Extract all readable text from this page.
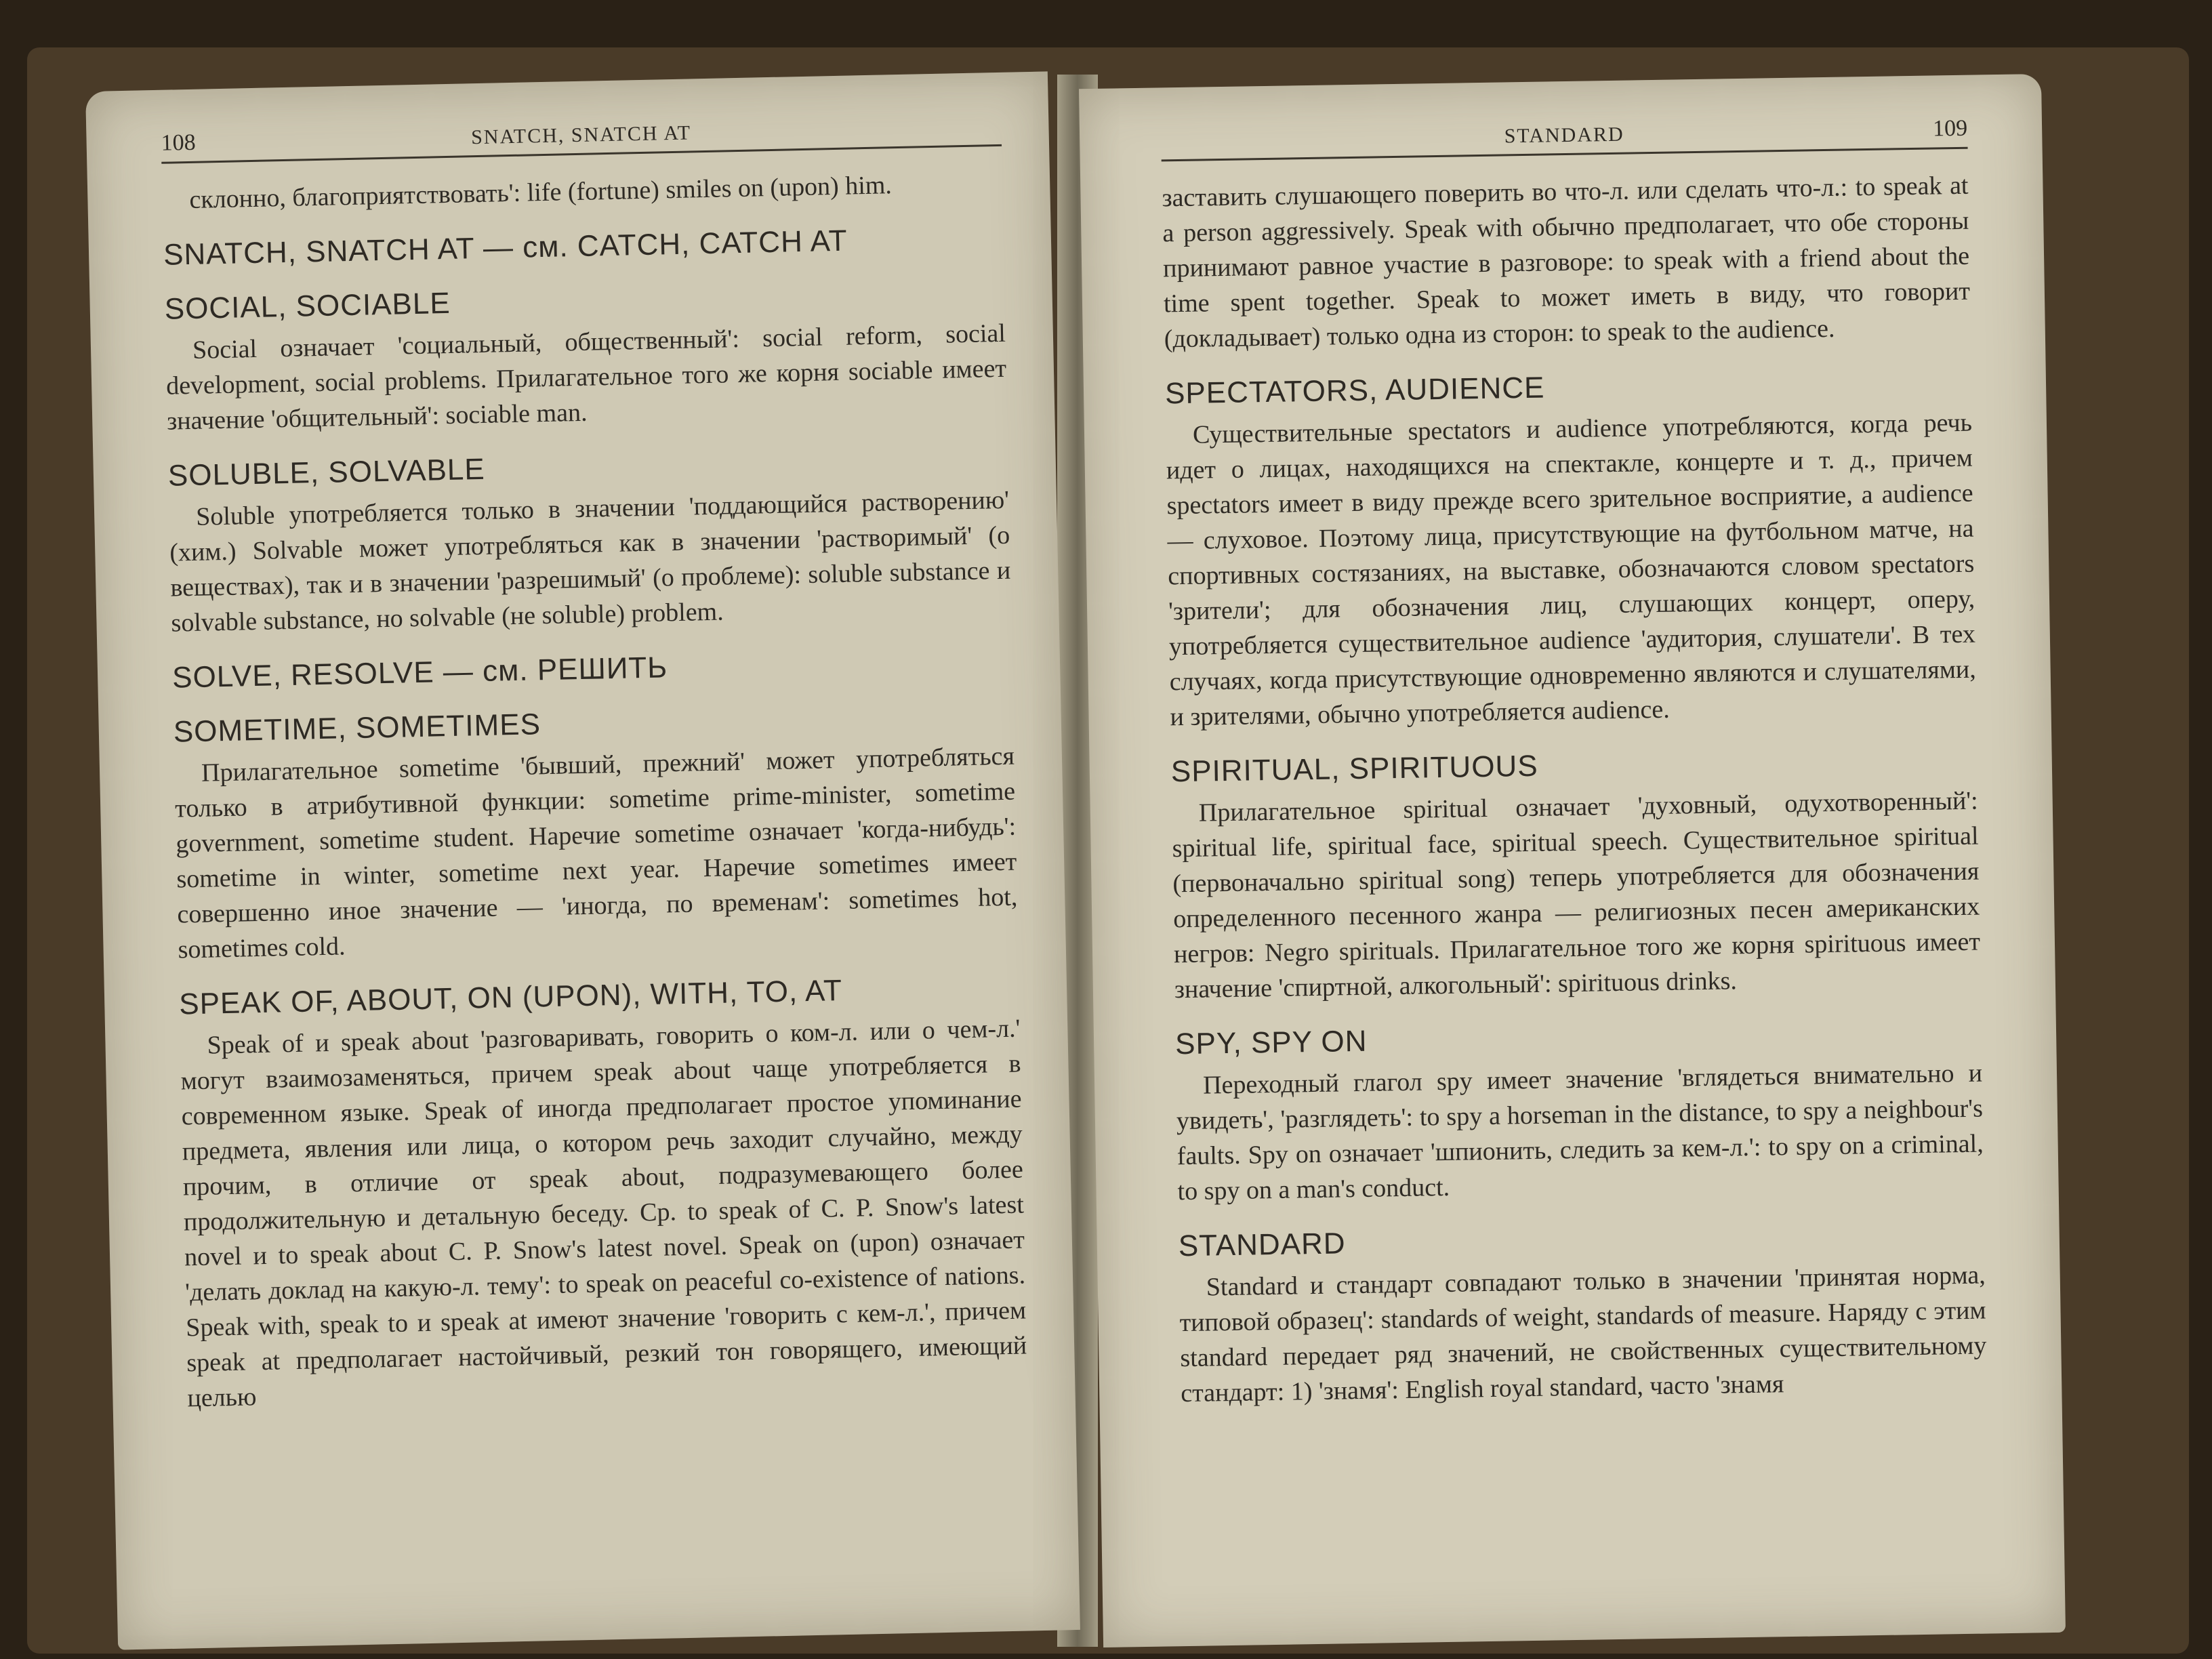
108	SNATCH, SNATCH AT

склонно, благоприятствовать': life (fortune) smiles on (upon) him.

SNATCH, SNATCH AT — см. CATCH, CATCH AT

SOCIAL, SOCIABLE

Social означает 'социальный, общественный': social reform, social development, social problems. Прилагательное того же корня sociable имеет значение 'общительный': sociable man.

SOLUBLE, SOLVABLE

Soluble употребляется только в значении 'поддающийся растворению' (хим.) Solvable может употребляться как в значении 'растворимый' (о веществах), так и в значении 'разрешимый' (о проблеме): soluble substance и solvable substance, но solvable (не soluble) problem.

SOLVE, RESOLVE — см. РЕШИТЬ

SOMETIME, SOMETIMES

Прилагательное sometime 'бывший, прежний' может употребляться только в атрибутивной функции: sometime prime-minister, sometime government, sometime student. Наречие sometime означает 'когда-нибудь': sometime in winter, sometime next year. Наречие sometimes имеет совершенно иное значение — 'иногда, по временам': sometimes hot, sometimes cold.

SPEAK OF, ABOUT, ON (UPON), WITH, TO, AT

Speak of и speak about 'разговаривать, говорить о ком-л. или о чем-л.' могут взаимозаменяться, причем speak about чаще употребляется в современном языке. Speak of иногда предполагает простое упоминание предмета, явления или лица, о котором речь заходит случайно, между прочим, в отличие от speak about, подразумевающего более продолжительную и детальную беседу. Ср. to speak of C. P. Snow's latest novel и to speak about C. P. Snow's latest novel. Speak on (upon) означает 'делать доклад на какую-л. тему': to speak on peaceful co-existence of nations. Speak with, speak to и speak at имеют значение 'говорить с кем-л.', причем speak at предполагает настойчивый, резкий тон говорящего, имеющий целью

STANDARD	109

заставить слушающего поверить во что-л. или сделать что-л.: to speak at a person aggressively. Speak with обычно предполагает, что обе стороны принимают равное участие в разговоре: to speak with a friend about the time spent together. Speak to может иметь в виду, что говорит (докладывает) только одна из сторон: to speak to the audience.

SPECTATORS, AUDIENCE

Существительные spectators и audience употребляются, когда речь идет о лицах, находящихся на спектакле, концерте и т. д., причем spectators имеет в виду прежде всего зрительное восприятие, а audience — слуховое. Поэтому лица, присутствующие на футбольном матче, на спортивных состязаниях, на выставке, обозначаются словом spectators 'зрители'; для обозначения лиц, слушающих концерт, оперу, употребляется существительное audience 'аудитория, слушатели'. В тех случаях, когда присутствующие одновременно являются и слушателями, и зрителями, обычно употребляется audience.

SPIRITUAL, SPIRITUOUS

Прилагательное spiritual означает 'духовный, одухотворенный': spiritual life, spiritual face, spiritual speech. Существительное spiritual (первоначально spiritual song) теперь употребляется для обозначения определенного песенного жанра — религиозных песен американских негров: Negro spirituals. Прилагательное того же корня spirituous имеет значение 'спиртной, алкогольный': spirituous drinks.

SPY, SPY ON

Переходный глагол spy имеет значение 'вглядеться внимательно и увидеть', 'разглядеть': to spy a horseman in the distance, to spy a neighbour's faults. Spy on означает 'шпионить, следить за кем-л.': to spy on a criminal, to spy on a man's conduct.

STANDARD

Standard и стандарт совпадают только в значении 'принятая норма, типовой образец': standards of weight, standards of measure. Наряду с этим standard передает ряд значений, не свойственных существительному стандарт: 1) 'знамя': English royal standard, часто 'знамя
